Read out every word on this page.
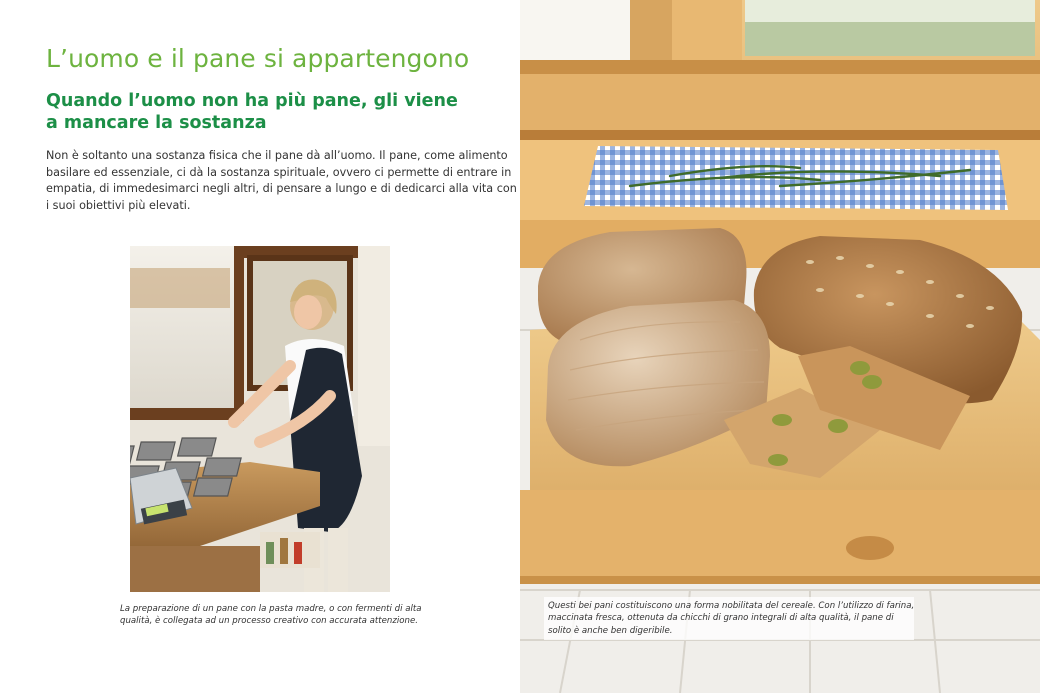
L’uomo e il pane si appartengono
Quando l’uomo non ha più pane, gli viene
a mancare la sostanza

Non è soltanto una sostanza fisica che il pane dà all’uomo. Il pane, come alimento
basilare ed essenziale, ci dà la sostanza spirituale, ovvero ci permette di entrare in
empatia, di immedesimarci negli altri, di pensare a lungo e di dedicarci alla vita con
i suoi obiettivi più elevati.

La preparazione di un pane con la pasta madre, o con fermenti di alta
qualità, è collegata ad un processo creativo con accurata attenzione.

Questi bei pani costituiscono una forma nobilitata del cereale. Con l’utilizzo di farina,
maccinata fresca, ottenuta da chicchi di grano integrali di alta qualità, il pane di
solito è anche ben digeribile.
